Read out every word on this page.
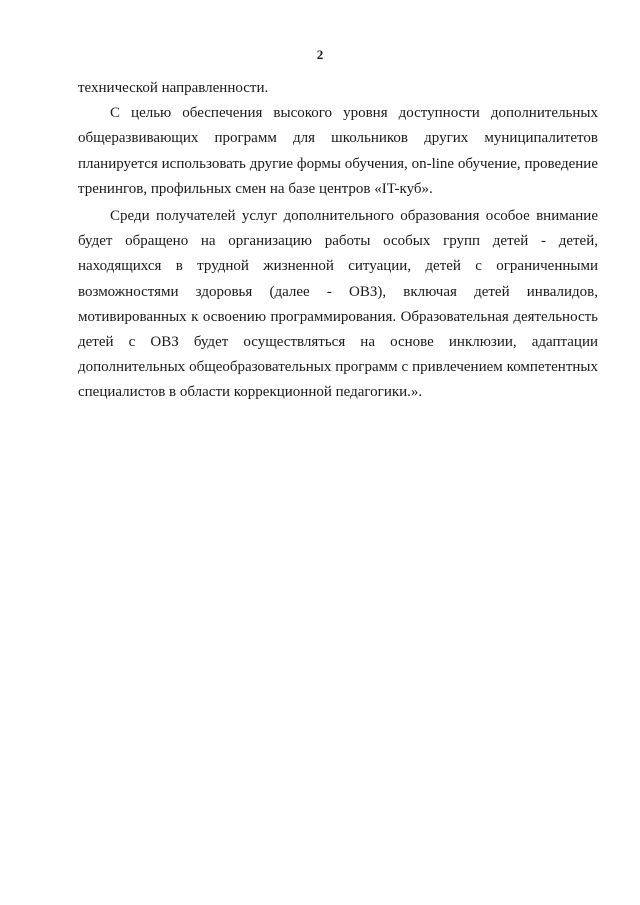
2

технической направленности.

С целью обеспечения высокого уровня доступности дополнительных общеразвивающих программ для школьников других муниципалитетов планируется использовать другие формы обучения, on-line обучение, проведение тренингов, профильных смен на базе центров «IT-куб».

Среди получателей услуг дополнительного образования особое внимание будет обращено на организацию работы особых групп детей - детей, находящихся в трудной жизненной ситуации, детей с ограниченными возможностями здоровья (далее - ОВЗ), включая детей инвалидов, мотивированных к освоению программирования. Образовательная деятельность детей с ОВЗ будет осуществляться на основе инклюзии, адаптации дополнительных общеобразовательных программ с привлечением компетентных специалистов в области коррекционной педагогики.».
